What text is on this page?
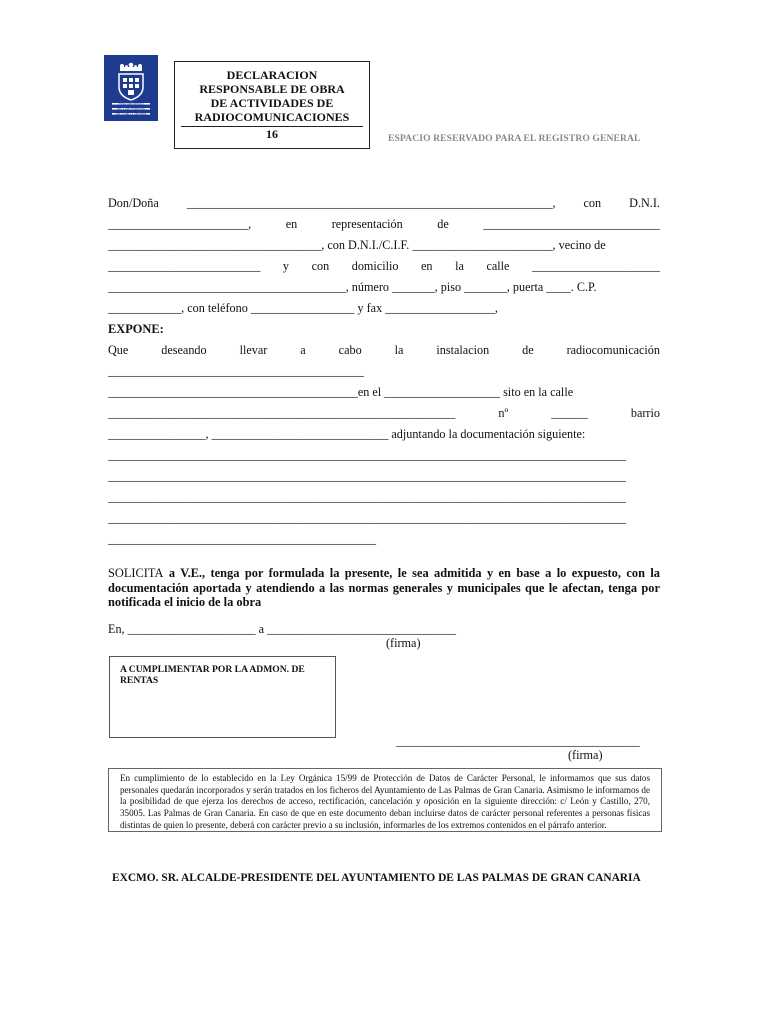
Ayuntamiento
de Las Palmas
de Gran Canaria
DECLARACION
RESPONSABLE DE OBRA
DE ACTIVIDADES DE
RADIOCOMUNICACIONES
16	ESPACIO RESERVADO PARA EL REGISTRO GENERAL
Don/Doña ____________________________________________________________, con D.N.I.
_______________________,	en	representación	de	_____________________________
___________________________________, con D.N.I./C.I.F. _______________________, vecino de
_________________________ y con domicilio en la calle _____________________
_______________________________________, número _______, piso _______, puerta ____. C.P.
____________, con teléfono _________________ y fax __________________,
EXPONE:
Que	deseando	llevar	a	cabo	la	instalacion	de	radiocomunicación
__________________________________________
_________________________________________en el ___________________ sito en la calle
_________________________________________________________	nº	______	barrio
________________, _____________________________ adjuntando la documentación siguiente:
_____________________________________________________________________________________
_____________________________________________________________________________________
_____________________________________________________________________________________
_____________________________________________________________________________________
____________________________________________
SOLICITA a V.E., tenga por formulada la presente, le sea admitida y en base a lo expuesto, con la documentación aportada y atendiendo a las normas generales y municipales que le afectan, tenga por notificada el inicio de la obra
En, _____________________ a _______________________________
(firma)
A CUMPLIMENTAR POR LA ADMON. DE RENTAS
________________________________________
(firma)
En cumplimiento de lo establecido en la Ley Orgánica 15/99 de Protección de Datos de Carácter Personal, le informamos que sus datos personales quedarán incorporados y serán tratados en los ficheros del Ayuntamiento de Las Palmas de Gran Canaria. Asimismo le informamos de la posibilidad de que ejerza los derechos de acceso, rectificación, cancelación y oposición en la siguiente dirección: c/ León y Castillo, 270, 35005. Las Palmas de Gran Canaria. En caso de que en este documento deban incluirse datos de carácter personal referentes a personas físicas distintas de quien lo presente, deberá con carácter previo a su inclusión, informarles de los extremos contenidos en el párrafo anterior.
EXCMO. SR. ALCALDE-PRESIDENTE DEL AYUNTAMIENTO DE LAS PALMAS DE GRAN CANARIA
